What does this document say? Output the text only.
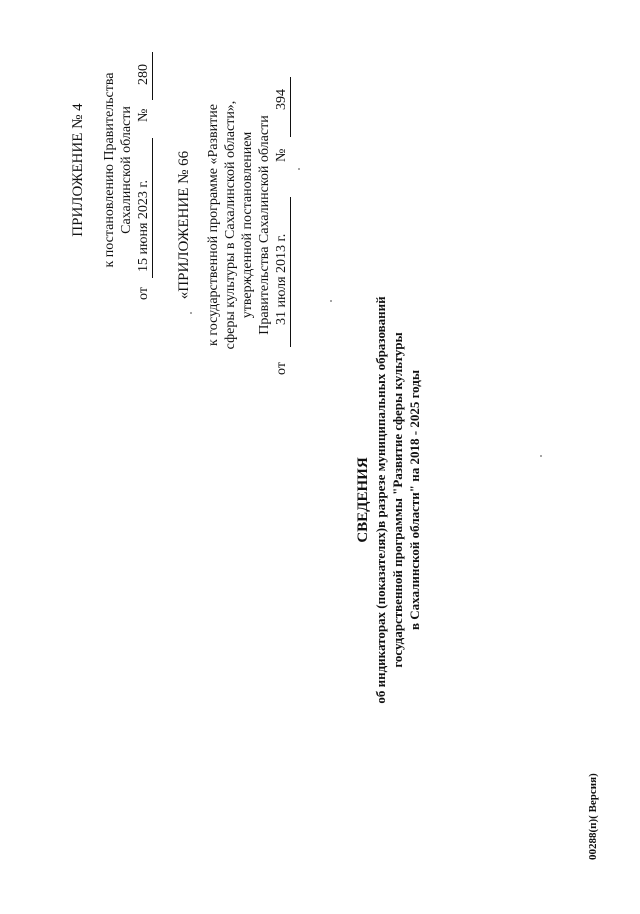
ПРИЛОЖЕНИЕ № 4 к постановлению Правительства Сахалинской области
от
15 июня 2023 г.
№
280
«ПРИЛОЖЕНИЕ № 66 к государственной программе «Развитие сферы культуры в Сахалинской области», утвержденной постановлением Правительства Сахалинской области
от
31 июля 2013 г.
№
394
СВЕДЕНИЯ об индикаторах (показателях)в разрезе муниципальных образований государственной программы "Развитие сферы культуры в Сахалинской области" на 2018 - 2025 годы
00288(п)( Версия)
